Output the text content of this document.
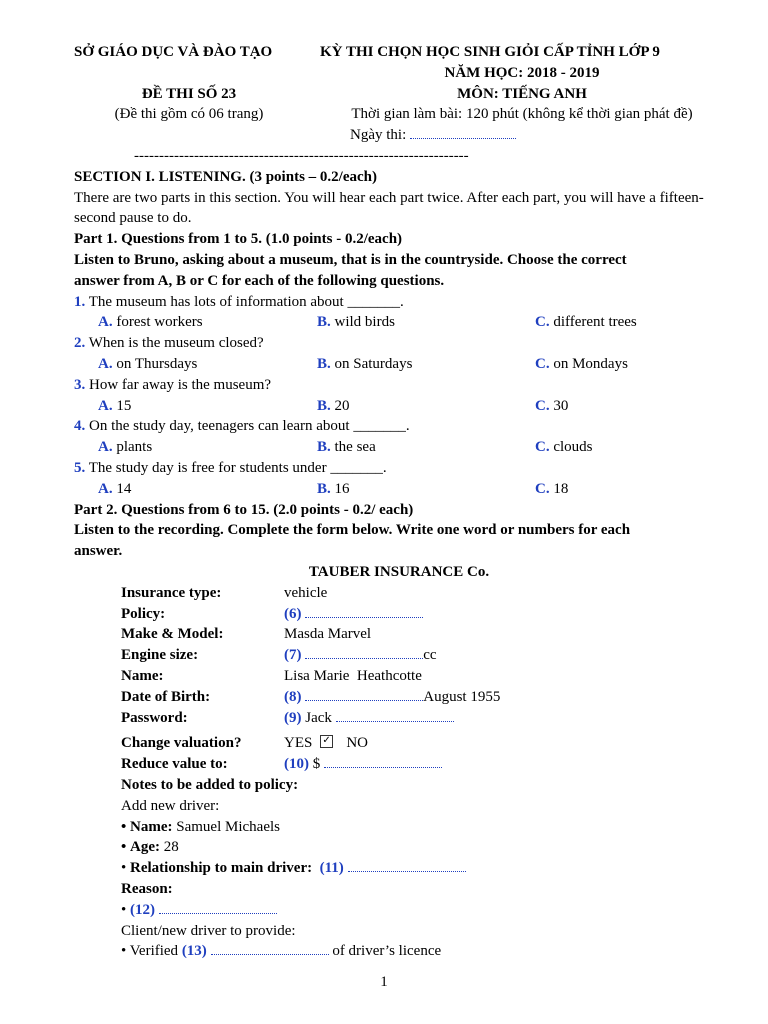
SỞ GIÁO DỤC VÀ ĐÀO TẠO	KỲ THI CHỌN HỌC SINH GIỎI CẤP TỈNH LỚP 9
NĂM HỌC: 2018 - 2019
ĐỀ THI SỐ 23	MÔN: TIẾNG ANH
(Đề thi gồm có 06 trang)	Thời gian làm bài: 120 phút (không kể thời gian phát đề)
Ngày thi:
-------------------------------------------------------------------
SECTION I. LISTENING. (3 points – 0.2/each)
There are two parts in this section. You will hear each part twice. After each part, you will have a fifteen-second pause to do.
Part 1. Questions from 1 to 5. (1.0 points - 0.2/each)
Listen to Bruno, asking about a museum, that is in the countryside. Choose the correct
answer from A, B or C for each of the following questions.
1. The museum has lots of information about _______.
A. forest workers	B. wild birds	C. different trees
2. When is the museum closed?
A. on Thursdays	B. on Saturdays	C. on Mondays
3. How far away is the museum?
A. 15	B. 20	C. 30
4. On the study day, teenagers can learn about _______.
A. plants	B. the sea	C. clouds
5. The study day is free for students under _______.
A. 14	B. 16	C. 18
Part 2. Questions from 6 to 15. (2.0 points - 0.2/ each)
Listen to the recording. Complete the form below. Write one word or numbers for each
answer.
TAUBER INSURANCE Co.
Insurance type:	vehicle
Policy:	(6)
Make & Model:	Masda Marvel
Engine size:	(7)	cc
Name:	Lisa Marie  Heathcotte
Date of Birth:	(8)	August 1955
Password:	(9) Jack
Change valuation?	YES ✓ NO
Reduce value to:	(10) $
Notes to be added to policy:
Add new driver:
• Name: Samuel Michaels
• Age: 28
• Relationship to main driver: (11)
Reason:
• (12)
Client/new driver to provide:
• Verified (13)	of driver’s licence
1
